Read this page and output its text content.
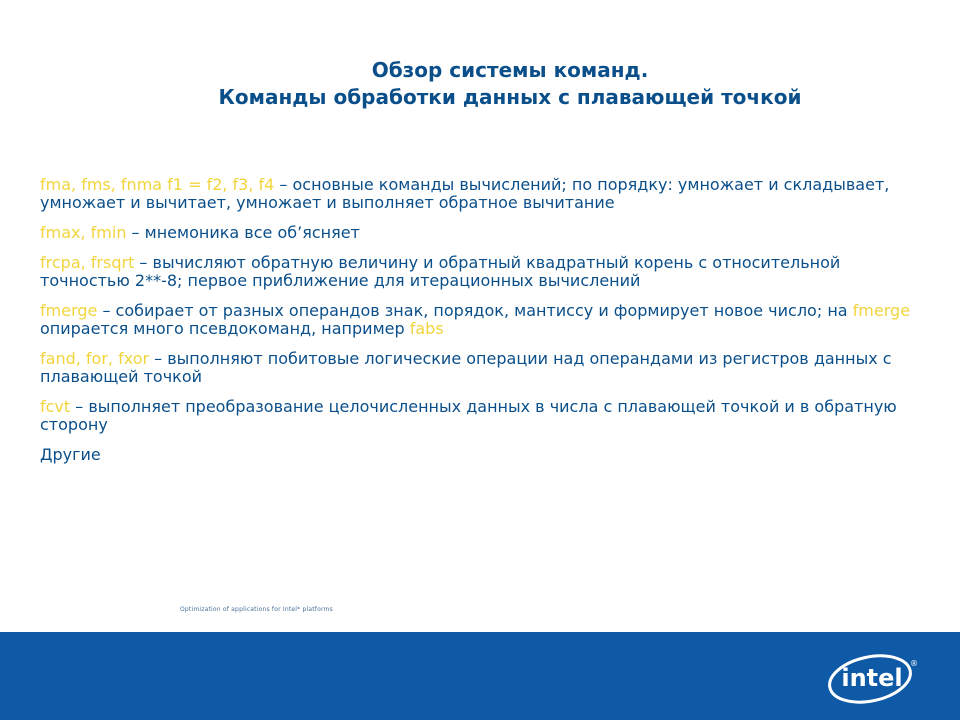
Обзор системы команд.
Команды обработки данных с плавающей точкой
fma, fms, fnma f1 = f2, f3, f4 – основные команды вычислений; по порядку: умножает и складывает, умножает и вычитает, умножает и выполняет обратное вычитание
fmax, fmin – мнемоника все об’ясняет
frcpa, frsqrt – вычисляют обратную величину и обратный квадратный корень с относительной точностью 2**-8; первое приближение для итерационных вычислений
fmerge – собирает от разных операндов знак, порядок, мантиссу и формирует новое число; на fmerge опирается много псевдокоманд, например fabs
fand, for, fxor – выполняют побитовые логические операции над операндами из регистров данных с плавающей точкой
fcvt – выполняет преобразование целочисленных данных в числа с плавающей точкой и в обратную сторону
Другие
Optimization of applications for Intel* platforms
intel
®
